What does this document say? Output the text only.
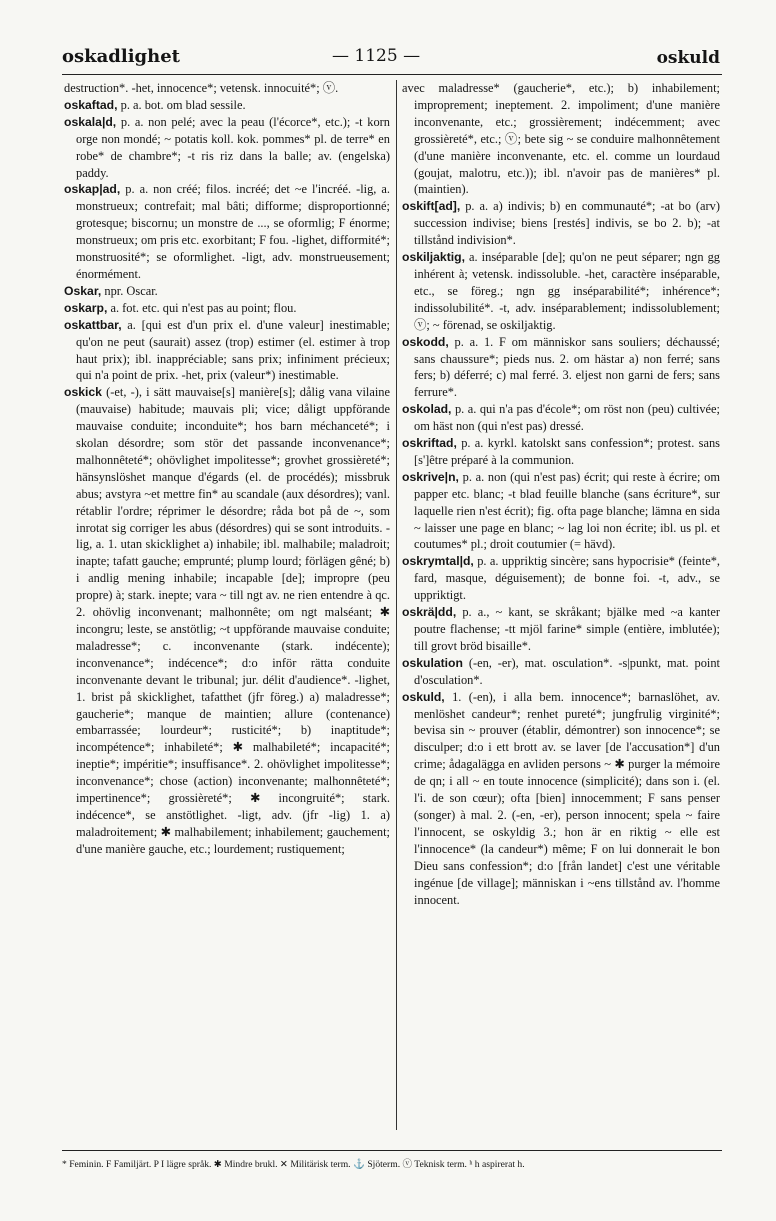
oskadlighet	— 1125 —	oskuld
destruction*. -het, innocence*; vetensk. innocuité*; ⓥ.
oskaftad, p. a. bot. om blad sessile.
oskala|d, p. a. non pelé; avec la peau (l'écorce*, etc.); -t korn orge non mondé; ~ potatis koll. kok. pommes* pl. de terre* en robe* de chambre*; -t ris riz dans la balle; av. (engelska) paddy.
oskap|ad, p. a. non créé; filos. incréé; det ~e l'incréé. -lig, a. monstrueux; contrefait; mal bâti; difforme; disproportionné; grotesque; biscornu; un monstre de ..., se oformlig; F énorme; monstrueux; om pris etc. exorbitant; F fou. -lighet, difformité*; monstruosité*; se oformlighet. -ligt, adv. monstrueusement; énormément.
Oskar, npr. Oscar.
oskarp, a. fot. etc. qui n'est pas au point; flou.
oskattbar, a. [qui est d'un prix el. d'une valeur] inestimable; qu'on ne peut (saurait) assez (trop) estimer (el. estimer à trop haut prix); ibl. inappréciable; sans prix; infiniment précieux; qui n'a point de prix. -het, prix (valeur*) inestimable.
oskick (-et, -), i sätt mauvaise[s] manière[s]; dålig vana vilaine (mauvaise) habitude; mauvais pli; vice; dåligt uppförande mauvaise conduite; inconduite*; hos barn méchanceté*; i skolan désordre; som stör det passande inconvenance*; malhonnêteté*; ohövlighet impolitesse*; grovhet grossièreté*; hänsynslöshet manque d'égards (el. de procédés); missbruk abus; avstyra ~et mettre fin* au scandale (aux désordres); vanl. rétablir l'ordre; réprimer le désordre; råda bot på de ~, som inrotat sig corriger les abus (désordres) qui se sont introduits. -lig, a. 1. utan skicklighet a) inhabile; ibl. malhabile; maladroit; inapte; tafatt gauche; emprunté; plump lourd; förlägen gêné; b) i andlig mening inhabile; incapable [de]; impropre (peu propre) à; stark. inepte; vara ~ till ngt av. ne rien entendre à qc. 2. ohövlig inconvenant; malhonnête; om ngt malséant; ✱ incongru; leste, se anstötlig; ~t uppförande mauvaise conduite; maladresse*; c. inconvenante (stark. indécente); inconvenance*; indécence*; d:o inför rätta conduite inconvenante devant le tribunal; jur. délit d'audience*. -lighet, 1. brist på skicklighet, tafatthet (jfr föreg.) a) maladresse*; gaucherie*; manque de maintien; allure (contenance) embarrassée; lourdeur*; rusticité*; b) inaptitude*; incompétence*; inhabileté*; ✱ malhabileté*; incapacité*; ineptie*; impéritie*; insuffisance*. 2. ohövlighet impolitesse*; inconvenance*; chose (action) inconvenante; malhonnêteté*; impertinence*; grossièreté*; ✱ incongruité*; stark. indécence*, se anstötlighet. -ligt, adv. (jfr -lig) 1. a) maladroitement; ✱ malhabilement; inhabilement; gauchement; d'une manière gauche, etc.; lourdement; rustiquement;
avec maladresse* (gaucherie*, etc.); b) inhabilement; improprement; ineptement. 2. impoliment; d'une manière inconvenante, etc.; grossièrement; indécemment; avec grossièreté*, etc.; ⓥ; bete sig ~ se conduire malhonnêtement (d'une manière inconvenante, etc. el. comme un lourdaud (goujat, malotru, etc.)); ibl. n'avoir pas de manières* pl. (maintien).
oskift[ad], p. a. a) indivis; b) en communauté*; -at bo (arv) succession indivise; biens [restés] indivis, se bo 2. b); -at tillstånd indivision*.
oskiljaktig, a. inséparable [de]; qu'on ne peut séparer; ngn gg inhérent à; vetensk. indissoluble. -het, caractère inséparable, etc., se föreg.; ngn gg inséparabilité*; inhérence*; indissolubilité*. -t, adv. inséparablement; indissolublement; ⓥ; ~ förenad, se oskiljaktig.
oskodd, p. a. 1. F om människor sans souliers; déchaussé; sans chaussure*; pieds nus. 2. om hästar a) non ferré; sans fers; b) déferré; c) mal ferré. 3. eljest non garni de fers; sans ferrure*.
oskolad, p. a. qui n'a pas d'école*; om röst non (peu) cultivée; om häst non (qui n'est pas) dressé.
oskriftad, p. a. kyrkl. katolskt sans confession*; protest. sans [s']être préparé à la communion.
oskrive|n, p. a. non (qui n'est pas) écrit; qui reste à écrire; om papper etc. blanc; -t blad feuille blanche (sans écriture*, sur laquelle rien n'est écrit); fig. ofta page blanche; lämna en sida ~ laisser une page en blanc; ~ lag loi non écrite; ibl. us pl. et coutumes* pl.; droit coutumier (= hävd).
oskrymtal|d, p. a. uppriktig sincère; sans hypocrisie* (feinte*, fard, masque, déguisement); de bonne foi. -t, adv., se uppriktigt.
oskrä|dd, p. a., ~ kant, se skråkant; bjälke med ~a kanter poutre flachense; -tt mjöl farine* simple (entière, imblutée); till grovt bröd bisaille*.
oskulation (-en, -er), mat. osculation*. -s|punkt, mat. point d'osculation*.
oskuld, 1. (-en), i alla bem. innocence*; barnaslöhet, av. menlöshet candeur*; renhet pureté*; jungfrulig virginité*; bevisa sin ~ prouver (établir, démontrer) son innocence*; se disculper; d:o i ett brott av. se laver [de l'accusation*] d'un crime; ådagalägga en avliden persons ~ ✱ purger la mémoire de qn; i all ~ en toute innocence (simplicité); dans son i. (el. l'i. de son cœur); ofta [bien] innocemment; F sans penser (songer) à mal. 2. (-en, -er), person innocent; spela ~ faire l'innocent, se oskyldig 3.; hon är en riktig ~ elle est l'innocence* (la candeur*) même; F on lui donnerait le bon Dieu sans confession*; d:o [från landet] c'est une véritable ingénue [de village]; människan i ~ens tillstånd av. l'homme innocent.
* Feminin. F Familjärt. P I lägre språk. ✱ Mindre brukl. ✕ Militärisk term. ⚓ Sjöterm. ⓥ Teknisk term. ʰ h aspirerat h.
